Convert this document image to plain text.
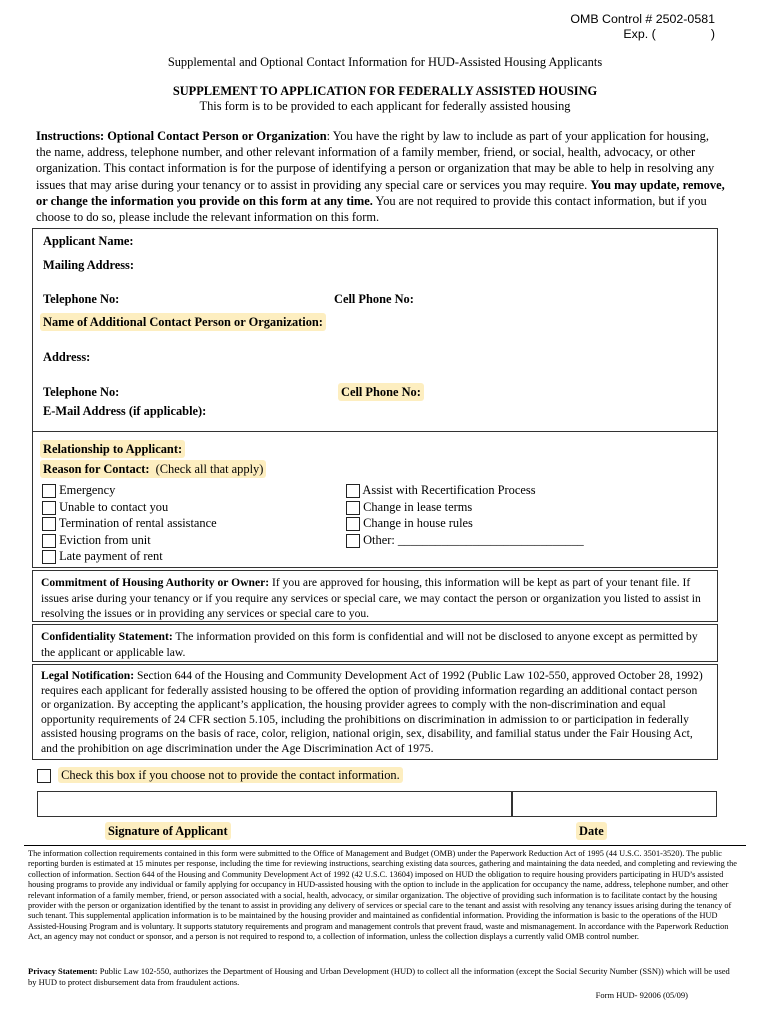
OMB Control # 2502-0581
Exp. (                )
Supplemental and Optional Contact Information for HUD-Assisted Housing Applicants
SUPPLEMENT TO APPLICATION FOR FEDERALLY ASSISTED HOUSING
This form is to be provided to each applicant for federally assisted housing
Instructions: Optional Contact Person or Organization: You have the right by law to include as part of your application for housing, the name, address, telephone number, and other relevant information of a family member, friend, or social, health, advocacy, or other organization. This contact information is for the purpose of identifying a person or organization that may be able to help in resolving any issues that may arise during your tenancy or to assist in providing any special care or services you may require. You may update, remove, or change the information you provide on this form at any time. You are not required to provide this contact information, but if you choose to do so, please include the relevant information on this form.
Applicant Name:
Mailing Address:
Telephone No:	Cell Phone No:
Name of Additional Contact Person or Organization:
Address:
Telephone No:	Cell Phone No:
E-Mail Address (if applicable):
Relationship to Applicant:
Reason for Contact:  (Check all that apply)
Emergency
Unable to contact you
Termination of rental assistance
Eviction from unit
Late payment of rent
Assist with Recertification Process
Change in lease terms
Change in house rules
Other: ______________________________
Commitment of Housing Authority or Owner: If you are approved for housing, this information will be kept as part of your tenant file. If issues arise during your tenancy or if you require any services or special care, we may contact the person or organization you listed to assist in resolving the issues or in providing any services or special care to you.
Confidentiality Statement: The information provided on this form is confidential and will not be disclosed to anyone except as permitted by the applicant or applicable law.
Legal Notification: Section 644 of the Housing and Community Development Act of 1992 (Public Law 102-550, approved October 28, 1992) requires each applicant for federally assisted housing to be offered the option of providing information regarding an additional contact person or organization. By accepting the applicant’s application, the housing provider agrees to comply with the non-discrimination and equal opportunity requirements of 24 CFR section 5.105, including the prohibitions on discrimination in admission to or participation in federally assisted housing programs on the basis of race, color, religion, national origin, sex, disability, and familial status under the Fair Housing Act, and the prohibition on age discrimination under the Age Discrimination Act of 1975.
Check this box if you choose not to provide the contact information.
Signature of Applicant	Date
The information collection requirements contained in this form were submitted to the Office of Management and Budget (OMB) under the Paperwork Reduction Act of 1995 (44 U.S.C. 3501-3520). The public reporting burden is estimated at 15 minutes per response, including the time for reviewing instructions, searching existing data sources, gathering and maintaining the data needed, and completing and reviewing the collection of information. Section 644 of the Housing and Community Development Act of 1992 (42 U.S.C. 13604) imposed on HUD the obligation to require housing providers participating in HUD’s assisted housing programs to provide any individual or family applying for occupancy in HUD-assisted housing with the option to include in the application for occupancy the name, address, telephone number, and other relevant information of a family member, friend, or person associated with a social, health, advocacy, or similar organization. The objective of providing such information is to facilitate contact by the housing provider with the person or organization identified by the tenant to assist in providing any delivery of services or special care to the tenant and assist with resolving any tenancy issues arising during the tenancy of such tenant. This supplemental application information is to be maintained by the housing provider and maintained as confidential information. Providing the information is basic to the operations of the HUD Assisted-Housing Program and is voluntary. It supports statutory requirements and program and management controls that prevent fraud, waste and mismanagement. In accordance with the Paperwork Reduction Act, an agency may not conduct or sponsor, and a person is not required to respond to, a collection of information, unless the collection displays a currently valid OMB control number.
Privacy Statement: Public Law 102-550, authorizes the Department of Housing and Urban Development (HUD) to collect all the information (except the Social Security Number (SSN)) which will be used by HUD to protect disbursement data from fraudulent actions.
Form HUD- 92006 (05/09)
